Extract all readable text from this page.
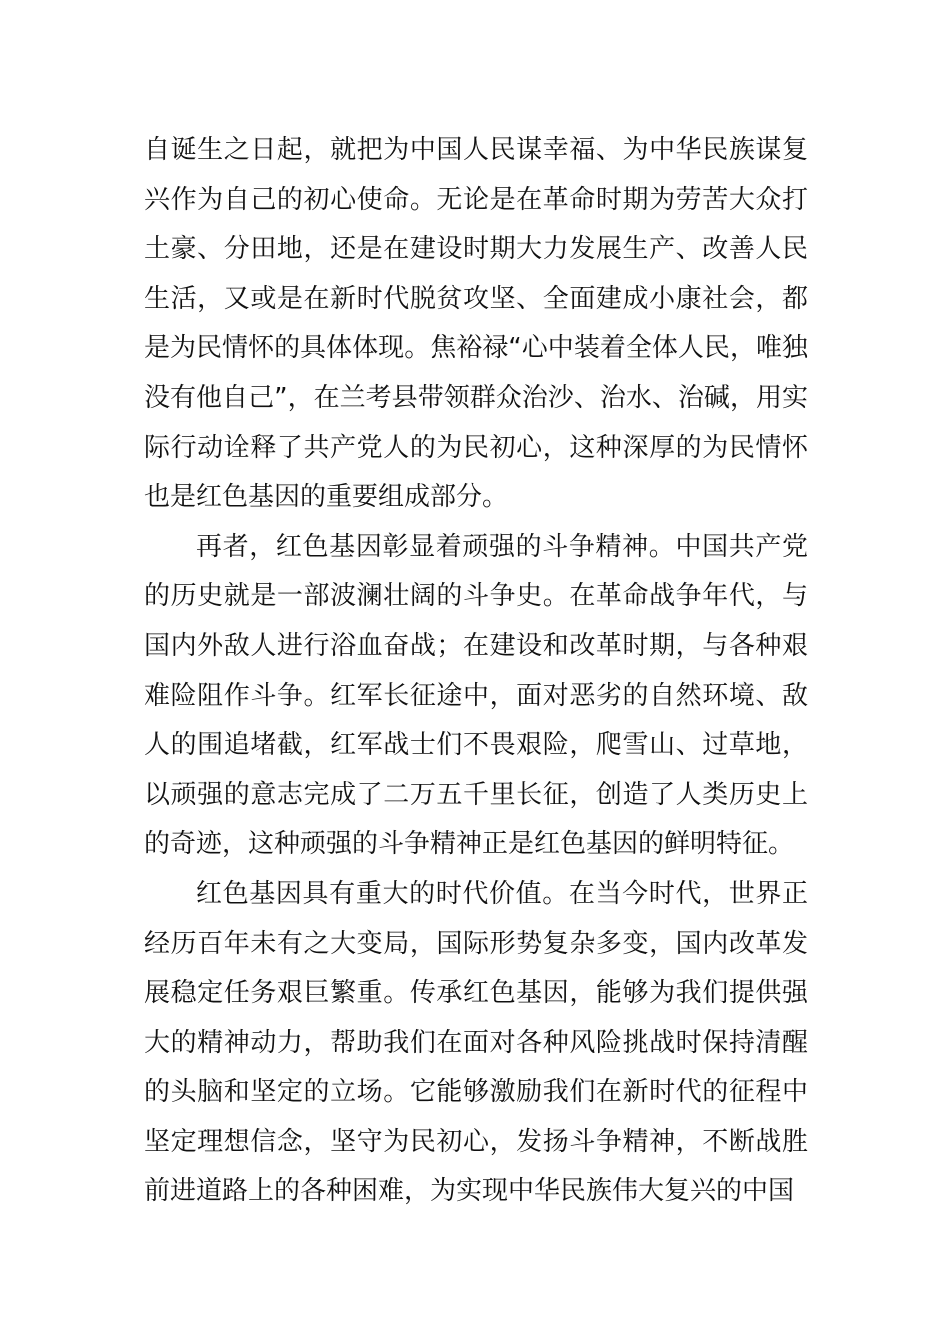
自诞生之日起，就把为中国人民谋幸福、为中华民族谋复兴作为自己的初心使命。无论是在革命时期为劳苦大众打土豪、分田地，还是在建设时期大力发展生产、改善人民生活，又或是在新时代脱贫攻坚、全面建成小康社会，都是为民情怀的具体体现。焦裕禄“心中装着全体人民，唯独没有他自己”，在兰考县带领群众治沙、治水、治碱，用实际行动诠释了共产党人的为民初心，这种深厚的为民情怀也是红色基因的重要组成部分。

再者，红色基因彰显着顽强的斗争精神。中国共产党的历史就是一部波澜壮阔的斗争史。在革命战争年代，与国内外敌人进行浴血奋战；在建设和改革时期，与各种艰难险阻作斗争。红军长征途中，面对恶劣的自然环境、敌人的围追堵截，红军战士们不畏艰险，爬雪山、过草地，以顽强的意志完成了二万五千里长征，创造了人类历史上的奇迹，这种顽强的斗争精神正是红色基因的鲜明特征。

红色基因具有重大的时代价值。在当今时代，世界正经历百年未有之大变局，国际形势复杂多变，国内改革发展稳定任务艰巨繁重。传承红色基因，能够为我们提供强大的精神动力，帮助我们在面对各种风险挑战时保持清醒的头脑和坚定的立场。它能够激励我们在新时代的征程中坚定理想信念，坚守为民初心，发扬斗争精神，不断战胜前进道路上的各种困难，为实现中华民族伟大复兴的中国
